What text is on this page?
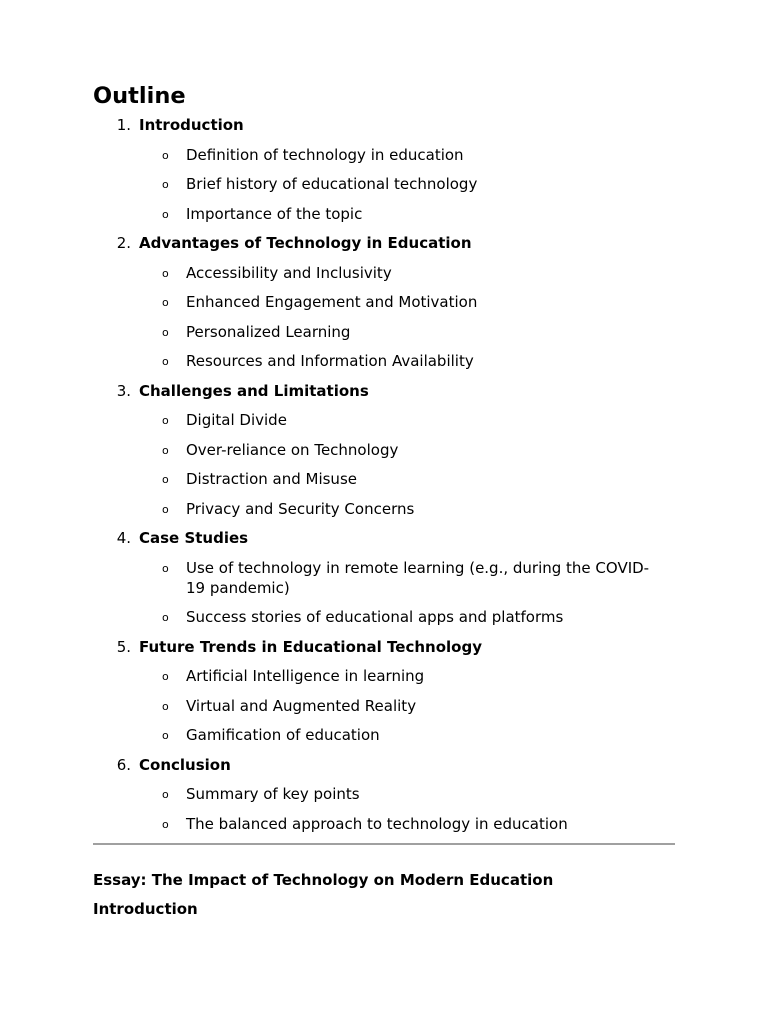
Outline
1. Introduction
o Definition of technology in education
o Brief history of educational technology
o Importance of the topic
2. Advantages of Technology in Education
o Accessibility and Inclusivity
o Enhanced Engagement and Motivation
o Personalized Learning
o Resources and Information Availability
3. Challenges and Limitations
o Digital Divide
o Over-reliance on Technology
o Distraction and Misuse
o Privacy and Security Concerns
4. Case Studies
o Use of technology in remote learning (e.g., during the COVID-19 pandemic)
o Success stories of educational apps and platforms
5. Future Trends in Educational Technology
o Artificial Intelligence in learning
o Virtual and Augmented Reality
o Gamification of education
6. Conclusion
o Summary of key points
o The balanced approach to technology in education
Essay: The Impact of Technology on Modern Education
Introduction
